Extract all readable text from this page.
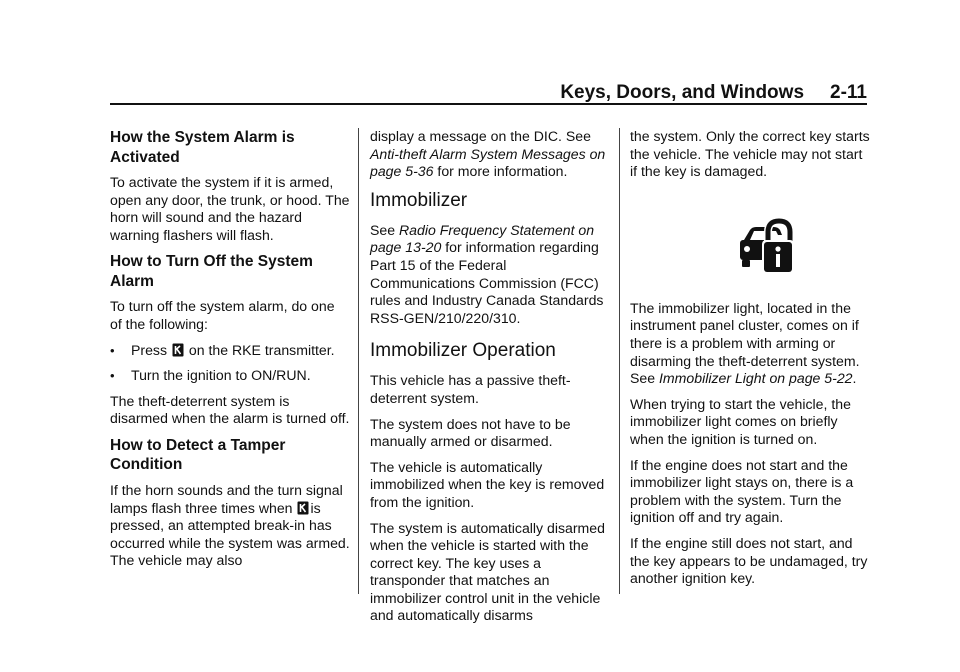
Keys, Doors, and Windows 2-11
How the System Alarm is Activated

To activate the system if it is armed, open any door, the trunk, or hood. The horn will sound and the hazard warning flashers will flash.

How to Turn Off the System Alarm

To turn off the system alarm, do one of the following:

• Press on the RKE transmitter.
• Turn the ignition to ON/RUN.

The theft-deterrent system is disarmed when the alarm is turned off.

How to Detect a Tamper Condition

If the horn sounds and the turn signal lamps flash three times when is pressed, an attempted break-in has occurred while the system was armed. The vehicle may also

display a message on the DIC. See Anti-theft Alarm System Messages on page 5-36 for more information.

Immobilizer

See Radio Frequency Statement on page 13-20 for information regarding Part 15 of the Federal Communications Commission (FCC) rules and Industry Canada Standards RSS-GEN/210/220/310.

Immobilizer Operation

This vehicle has a passive theft-deterrent system.

The system does not have to be manually armed or disarmed.

The vehicle is automatically immobilized when the key is removed from the ignition.

The system is automatically disarmed when the vehicle is started with the correct key. The key uses a transponder that matches an immobilizer control unit in the vehicle and automatically disarms

the system. Only the correct key starts the vehicle. The vehicle may not start if the key is damaged.

The immobilizer light, located in the instrument panel cluster, comes on if there is a problem with arming or disarming the theft-deterrent system. See Immobilizer Light on page 5-22.

When trying to start the vehicle, the immobilizer light comes on briefly when the ignition is turned on.

If the engine does not start and the immobilizer light stays on, there is a problem with the system. Turn the ignition off and try again.

If the engine still does not start, and the key appears to be undamaged, try another ignition key.
